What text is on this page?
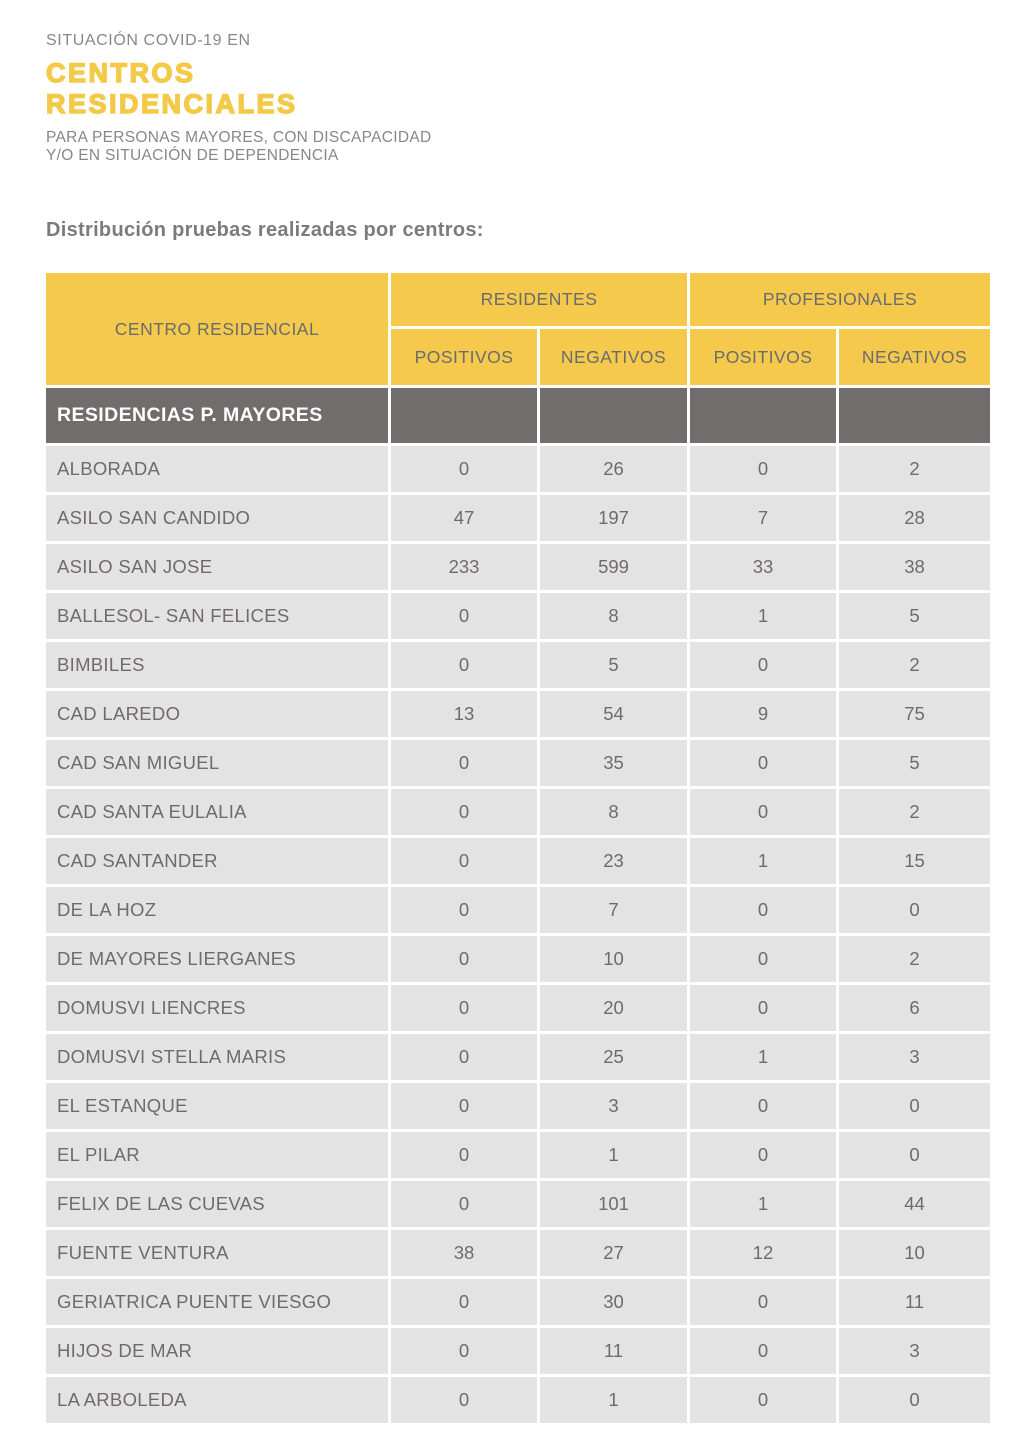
SITUACIÓN COVID-19 EN
CENTROS
RESIDENCIALES
PARA PERSONAS MAYORES, CON DISCAPACIDAD
Y/O EN SITUACIÓN DE DEPENDENCIA
Distribución pruebas realizadas por centros:
CENTRO RESIDENCIAL
RESIDENTES	PROFESIONALES
POSITIVOS	NEGATIVOS	POSITIVOS	NEGATIVOS
RESIDENCIAS P. MAYORES
ALBORADA	0	26	0	2
ASILO SAN CANDIDO	47	197	7	28
ASILO SAN JOSE	233	599	33	38
BALLESOL- SAN FELICES	0	8	1	5
BIMBILES	0	5	0	2
CAD LAREDO	13	54	9	75
CAD SAN MIGUEL	0	35	0	5
CAD SANTA EULALIA	0	8	0	2
CAD SANTANDER	0	23	1	15
DE LA HOZ	0	7	0	0
DE MAYORES LIERGANES	0	10	0	2
DOMUSVI LIENCRES	0	20	0	6
DOMUSVI STELLA MARIS	0	25	1	3
EL ESTANQUE	0	3	0	0
EL PILAR	0	1	0	0
FELIX DE LAS CUEVAS	0	101	1	44
FUENTE VENTURA	38	27	12	10
GERIATRICA PUENTE VIESGO	0	30	0	11
HIJOS DE MAR	0	11	0	3
LA ARBOLEDA	0	1	0	0
